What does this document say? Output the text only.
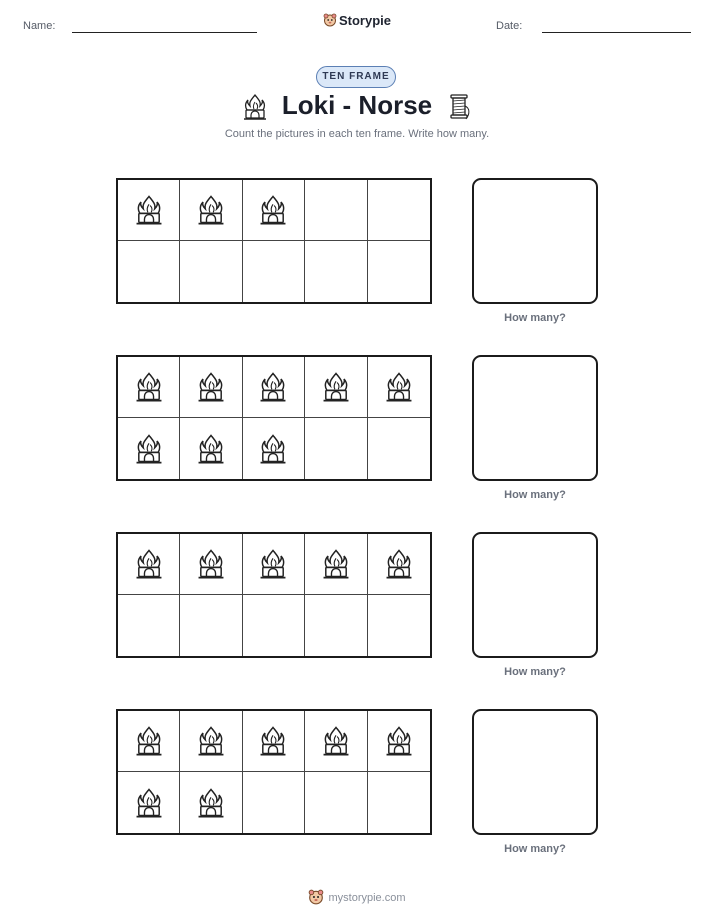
Name:	Storypie	Date:
TEN FRAME
Loki - Norse
Count the pictures in each ten frame. Write how many.
How many?
How many?
How many?
How many?
mystorypie.com
